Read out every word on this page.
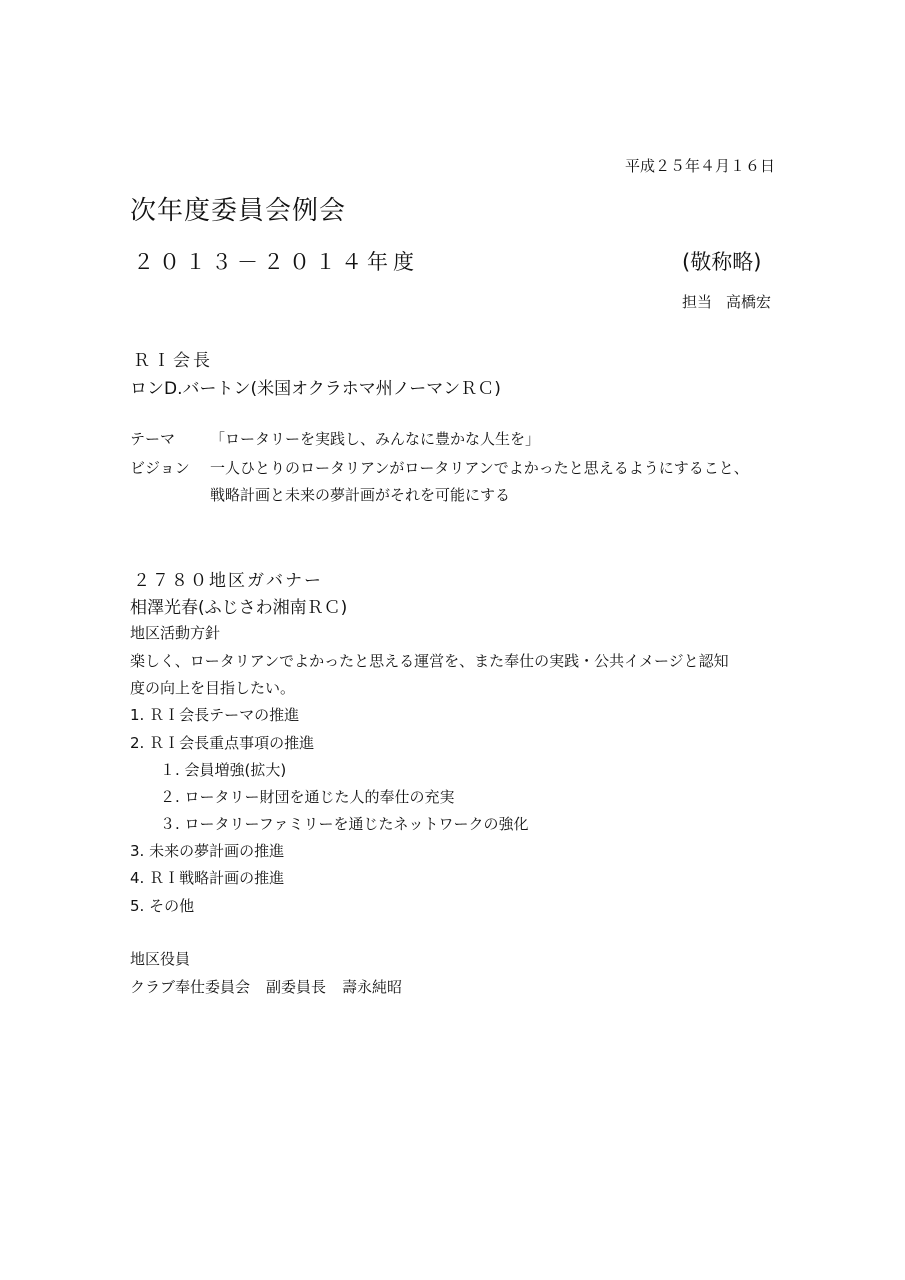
平成２５年４月１６日
次年度委員会例会
２０１３－２０１４年度	(敬称略)
担当 高橋宏
ＲＩ会長
ロンD.バートン(米国オクラホマ州ノーマンＲＣ)
テーマ 「ロータリーを実践し、みんなに豊かな人生を」
ビジョン 一人ひとりのロータリアンがロータリアンでよかったと思えるようにすること、
戦略計画と未来の夢計画がそれを可能にする
２７８０地区ガバナー
相澤光春(ふじさわ湘南ＲＣ)
地区活動方針
楽しく、ロータリアンでよかったと思える運営を、また奉仕の実践・公共イメージと認知
度の向上を目指したい。
1. ＲＩ会長テーマの推進
2. ＲＩ会長重点事項の推進
１. 会員増強(拡大)
２. ロータリー財団を通じた人的奉仕の充実
３. ロータリーファミリーを通じたネットワークの強化
3. 未来の夢計画の推進
4. ＲＩ戦略計画の推進
5. その他
地区役員
クラブ奉仕委員会 副委員長 壽永純昭
